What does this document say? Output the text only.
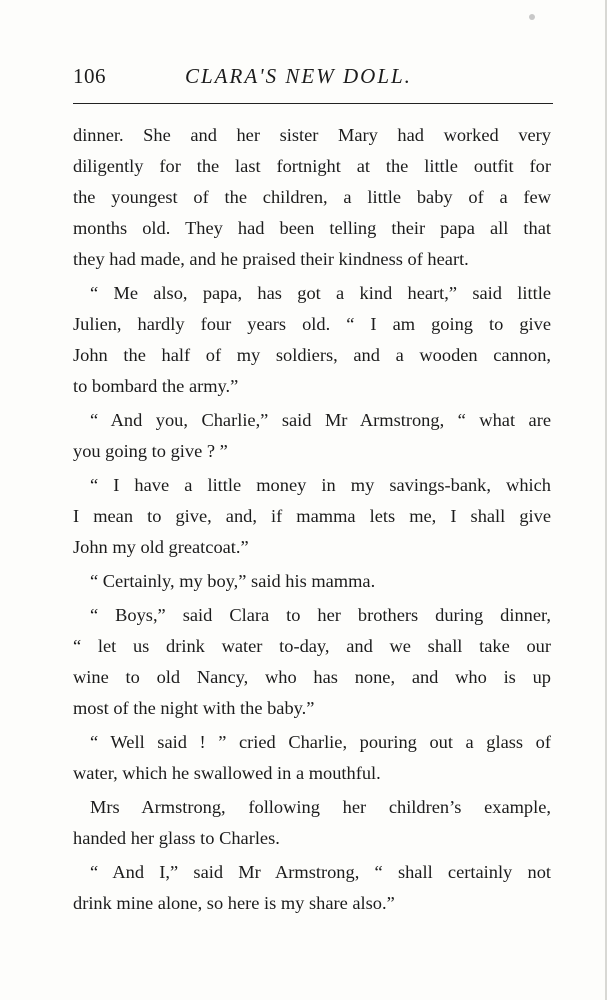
106	CLARA'S NEW DOLL.
dinner. She and her sister Mary had worked very
diligently for the last fortnight at the little outfit for
the youngest of the children, a little baby of a few
months old. They had been telling their papa all that
they had made, and he praised their kindness of heart.
“ Me also, papa, has got a kind heart,” said little
Julien, hardly four years old. “ I am going to give
John the half of my soldiers, and a wooden cannon,
to bombard the army.”
“ And you, Charlie,” said Mr Armstrong, “ what are
you going to give ? ”
“ I have a little money in my savings-bank, which
I mean to give, and, if mamma lets me, I shall give
John my old greatcoat.”
“ Certainly, my boy,” said his mamma.
“ Boys,” said Clara to her brothers during dinner,
“ let us drink water to-day, and we shall take our
wine to old Nancy, who has none, and who is up
most of the night with the baby.”
“ Well said ! ” cried Charlie, pouring out a glass of
water, which he swallowed in a mouthful.
Mrs Armstrong, following her children’s example,
handed her glass to Charles.
“ And I,” said Mr Armstrong, “ shall certainly not
drink mine alone, so here is my share also.”
